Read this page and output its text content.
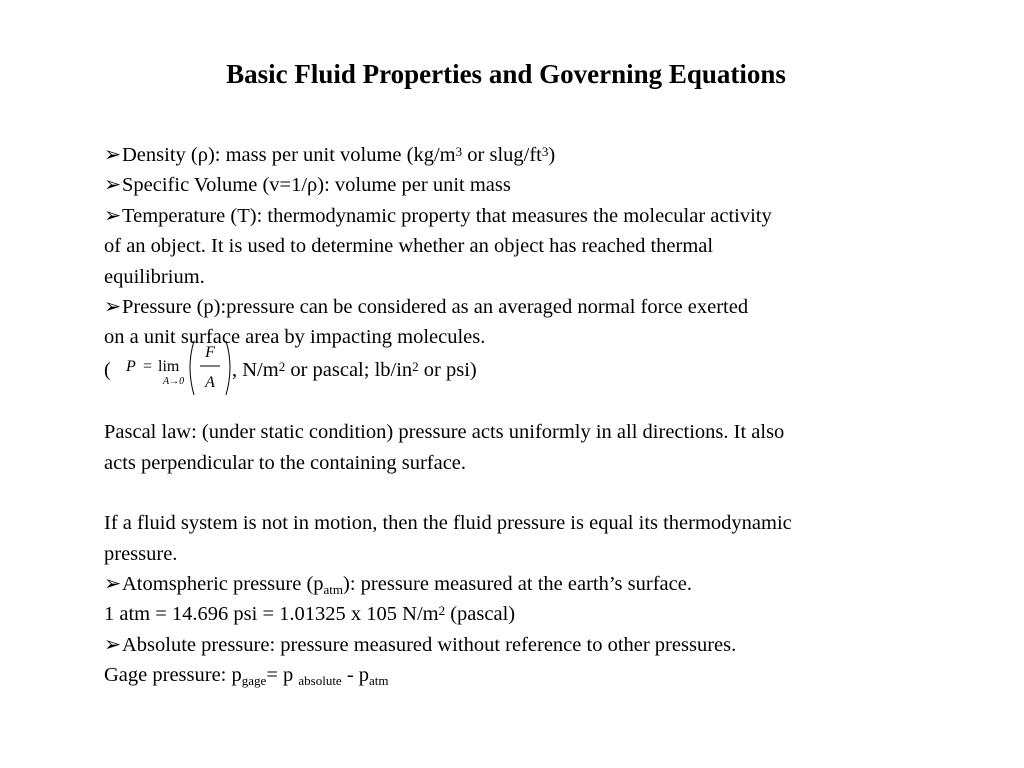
Basic Fluid Properties and Governing Equations
➢Density (ρ): mass per unit volume ($kg/m^3$ or slug/$ft^3$)
➢Specific Volume (v=1/ρ): volume per unit mass
➢Temperature (T): thermodynamic property that measures the molecular activity
of an object. It is used to determine whether an object has reached thermal
equilibrium.
➢Pressure (p):pressure can be considered as an averaged normal force exerted
on a unit surface area by impacting molecules.
( P = lim
A→0
F
A
, $N/m^2$ or pascal; $lb/in^2$ or psi)
Pascal law: (under static condition) pressure acts uniformly in all directions. It also
acts perpendicular to the containing surface.
If a fluid system is not in motion, then the fluid pressure is equal its thermodynamic
pressure.
➢Atomspheric pressure $(p_{atm})$: pressure measured at the earth’s surface.
1 atm = 14.696 psi = 1.01325 x 105 $N/m^2$ (pascal)
➢Absolute pressure: pressure measured without reference to other pressures.
Gage pressure: $p_{gage}= p$ $_{absolute} - p_{atm}$
